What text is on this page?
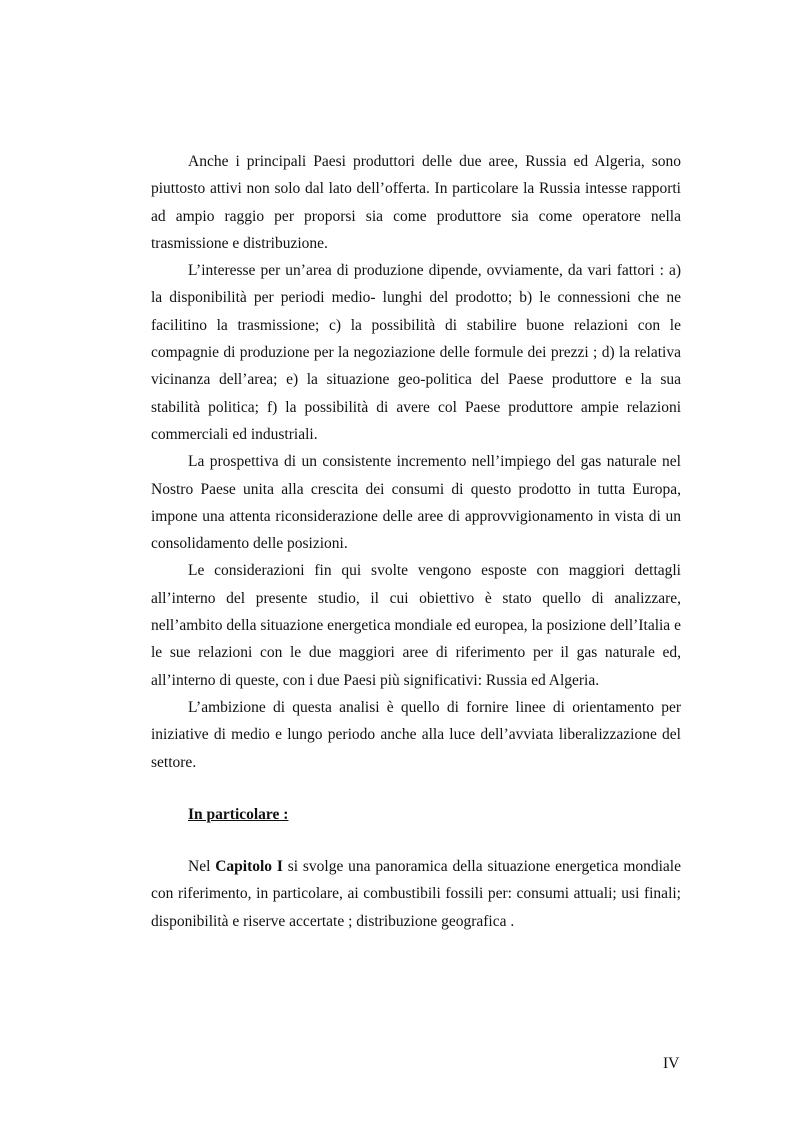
Anche i principali Paesi produttori delle due aree, Russia ed Algeria, sono piuttosto attivi non solo dal lato dell’offerta. In particolare la Russia intesse rapporti ad ampio raggio per proporsi sia come produttore sia come operatore nella trasmissione e distribuzione.

L’interesse per un’area di produzione dipende, ovviamente, da vari fattori : a) la disponibilità per periodi medio- lunghi del prodotto; b) le connessioni che ne facilitino la trasmissione; c) la possibilità di stabilire buone relazioni con le compagnie di produzione per la negoziazione delle formule dei prezzi ; d) la relativa vicinanza dell’area; e) la situazione geo-politica del Paese produttore e la sua stabilità politica; f) la possibilità di avere col Paese produttore ampie relazioni commerciali ed industriali.

La prospettiva di un consistente incremento nell’impiego del gas naturale nel Nostro Paese unita alla crescita dei consumi di questo prodotto in tutta Europa, impone una attenta riconsiderazione delle aree di approvvigionamento in vista di un consolidamento delle posizioni.

Le considerazioni fin qui svolte vengono esposte con maggiori dettagli all’interno del presente studio, il cui obiettivo è stato quello di analizzare, nell’ambito della situazione energetica mondiale ed europea, la posizione dell’Italia e le sue relazioni con le due maggiori aree di riferimento per il gas naturale ed, all’interno di queste, con i due Paesi più significativi: Russia ed Algeria.

L’ambizione di questa analisi è quello di fornire linee di orientamento per iniziative di medio e lungo periodo anche alla luce dell’avviata liberalizzazione del settore.

In particolare :

Nel Capitolo I si svolge una panoramica della situazione energetica mondiale con riferimento, in particolare, ai combustibili fossili per: consumi attuali; usi finali; disponibilità e riserve accertate ; distribuzione geografica .

IV
